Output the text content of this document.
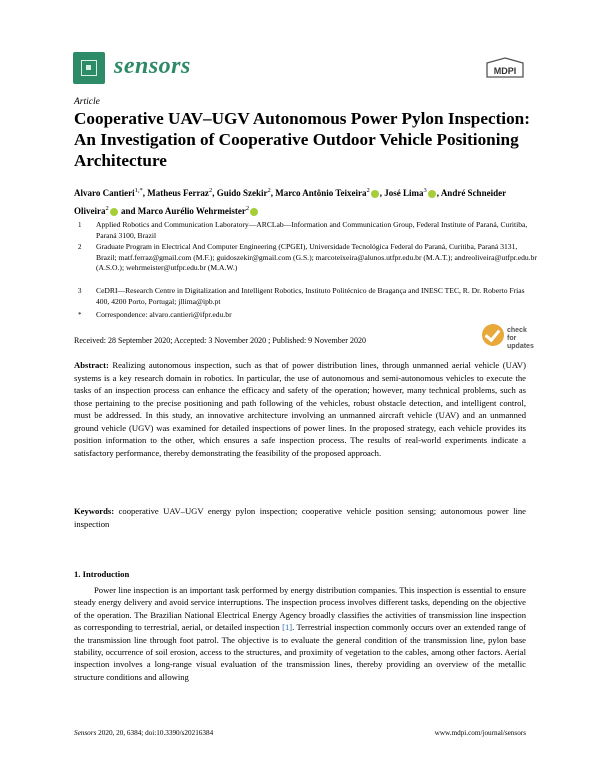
sensors	MDPI
Article
Cooperative UAV–UGV Autonomous Power Pylon Inspection: An Investigation of Cooperative Outdoor Vehicle Positioning Architecture
Alvaro Cantieri$^{1,*}$, Matheus Ferraz$^2$, Guido Szekir$^2$, Marco Antônio Teixeira$^2$ , José Lima$^3$ , André Schneider Oliveira$^2$ and Marco Aurélio Wehrmeister$^2$
1 Applied Robotics and Communication Laboratory—ARCLab—Information and Communication Group, Federal Institute of Paraná, Curitiba, Paraná 3100, Brazil
2 Graduate Program in Electrical And Computer Engineering (CPGEI), Universidade Tecnológica Federal do Paraná, Curitiba, Paraná 3131, Brazil; matf.ferraz@gmail.com (M.F.); guidoszekir@gmail.com (G.S.); marcoteixeira@alunos.utfpr.edu.br (M.A.T.); andreoliveira@utfpr.edu.br (A.S.O.); wehrmeister@utfpr.edu.br (M.A.W.)
3 CeDRI—Research Centre in Digitalization and Intelligent Robotics, Instituto Politécnico de Bragança and INESC TEC, R. Dr. Roberto Frias 400, 4200 Porto, Portugal; jllima@ipb.pt
* Correspondence: alvaro.cantieri@ifpr.edu.br
check for
updates
Received: 28 September 2020; Accepted: 3 November 2020 ; Published: 9 November 2020
Abstract: Realizing autonomous inspection, such as that of power distribution lines, through unmanned aerial vehicle (UAV) systems is a key research domain in robotics. In particular, the use of autonomous and semi-autonomous vehicles to execute the tasks of an inspection process can enhance the efficacy and safety of the operation; however, many technical problems, such as those pertaining to the precise positioning and path following of the vehicles, robust obstacle detection, and intelligent control, must be addressed. In this study, an innovative architecture involving an unmanned aircraft vehicle (UAV) and an unmanned ground vehicle (UGV) was examined for detailed inspections of power lines. In the proposed strategy, each vehicle provides its position information to the other, which ensures a safe inspection process. The results of real-world experiments indicate a satisfactory performance, thereby demonstrating the feasibility of the proposed approach.
Keywords: cooperative UAV–UGV energy pylon inspection; cooperative vehicle position sensing; autonomous power line inspection
1. Introduction
Power line inspection is an important task performed by energy distribution companies. This inspection is essential to ensure steady energy delivery and avoid service interruptions. The inspection process involves different tasks, depending on the objective of the operation. The Brazilian National Electrical Energy Agency broadly classifies the activities of transmission line inspection as corresponding to terrestrial, aerial, or detailed inspection [1]. Terrestrial inspection commonly occurs over an extended range of the transmission line through foot patrol. The objective is to evaluate the general condition of the transmission line, pylon base stability, occurrence of soil erosion, access to the structures, and proximity of vegetation to the cables, among other factors. Aerial inspection involves a long-range visual evaluation of the transmission lines, thereby providing an overview of the metallic structure conditions and allowing
Sensors 2020, 20, 6384; doi:10.3390/s20216384	www.mdpi.com/journal/sensors
